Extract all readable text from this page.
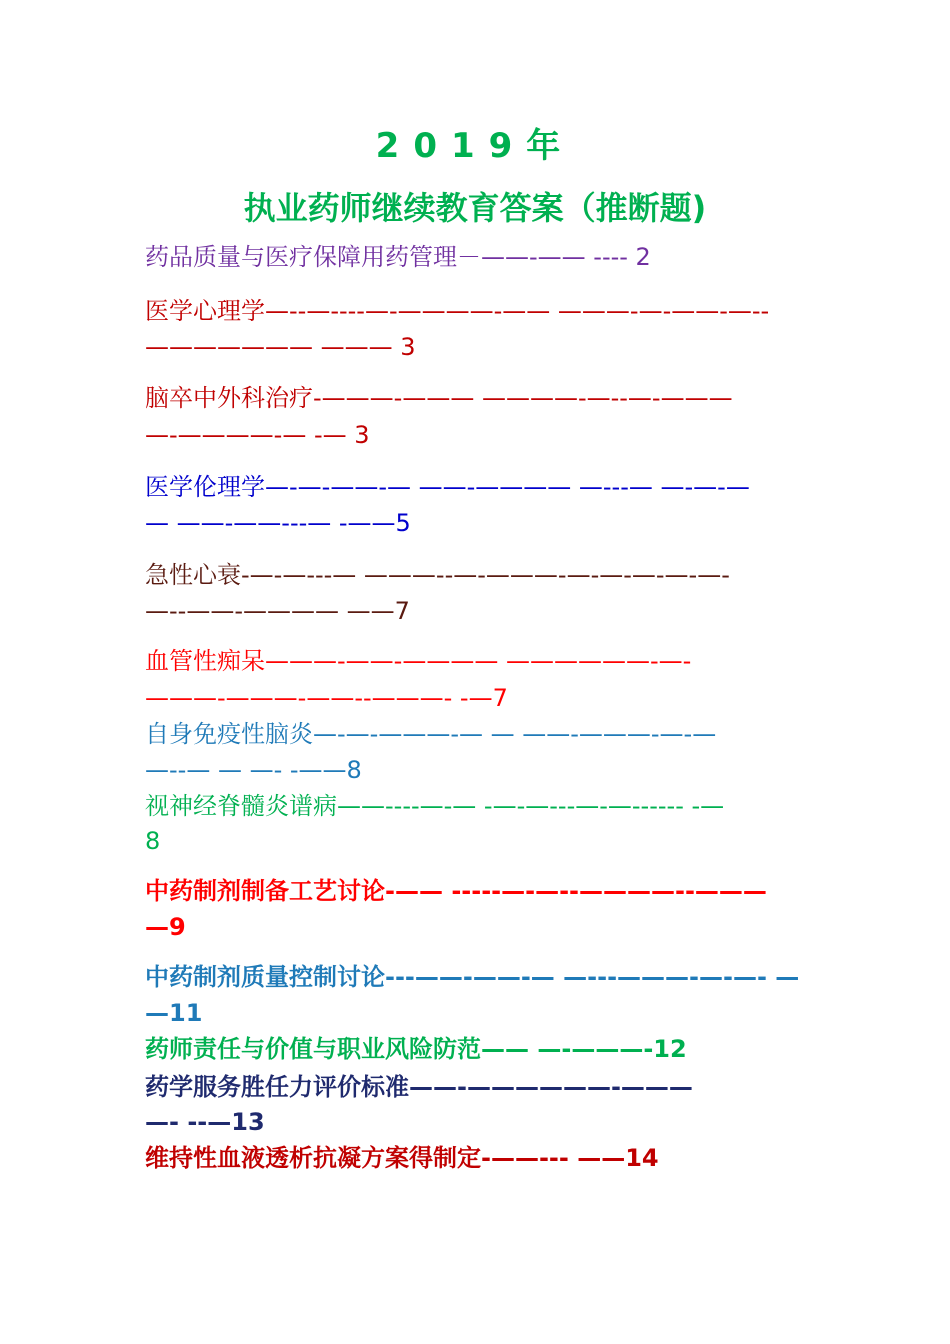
2019年
执业药师继续教育答案（推断题)
药品质量与医疗保障用药管理－——-—— ---- 2
医学心理学—--—----—-————-—— ———-—-——-—--
——————— ——— 3
脑卒中外科治疗-———-——— ————-—--—-———
—-————-— -— 3
医学伦理学—-—-——-— ——-———— —---— —-—-—
— ——-——---— -——5
急性心衰-—-—---— ———--—-———-—-—-—-—-—-
—--——-———— ——7
血管性痴呆———-——-———— ——————-—-
———-———-——--———- -—7
自身免疫性脑炎—-—-———-— — ——-———-—-—
—--— — —- -——8
视神经脊髓炎谱病——----—-— -—-—---—-—------ -—
8
中药制剂制备工艺讨论-—— -----—-—--————--———
—9
中药制剂质量控制讨论---——-——-— —---———-—-—- —
—11
药师责任与价值与职业风险防范—— —-———-12
药学服务胜任力评价标准——-——————-———
—- --—13
维持性血液透析抗凝方案得制定-——--- ——14
